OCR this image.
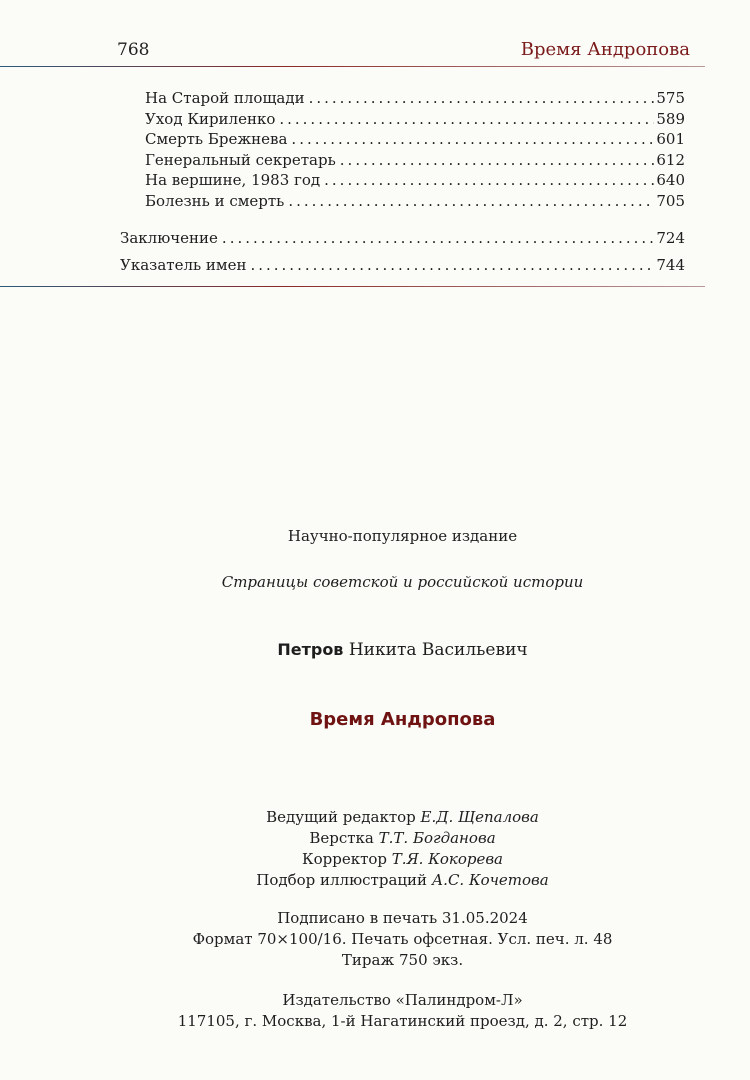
768	Время Андропова
На Старой площади .....	575
Уход Кириленко .....	589
Смерть Брежнева .....	601
Генеральный секретарь .....	612
На вершине, 1983 год .....	640
Болезнь и смерть .....	705
Заключение .....	724
Указатель имен .....	744
Научно-популярное издание
Страницы советской и российской истории
Петров Никита Васильевич
Время Андропова
Ведущий редактор Е.Д. Щепалова
Верстка Т.Т. Богданова
Корректор Т.Я. Кокорева
Подбор иллюстраций А.С. Кочетова
Подписано в печать 31.05.2024
Формат 70×100/16. Печать офсетная. Усл. печ. л. 48
Тираж 750 экз.
Издательство «Палиндром-Л»
117105, г. Москва, 1-й Нагатинский проезд, д. 2, стр. 12
